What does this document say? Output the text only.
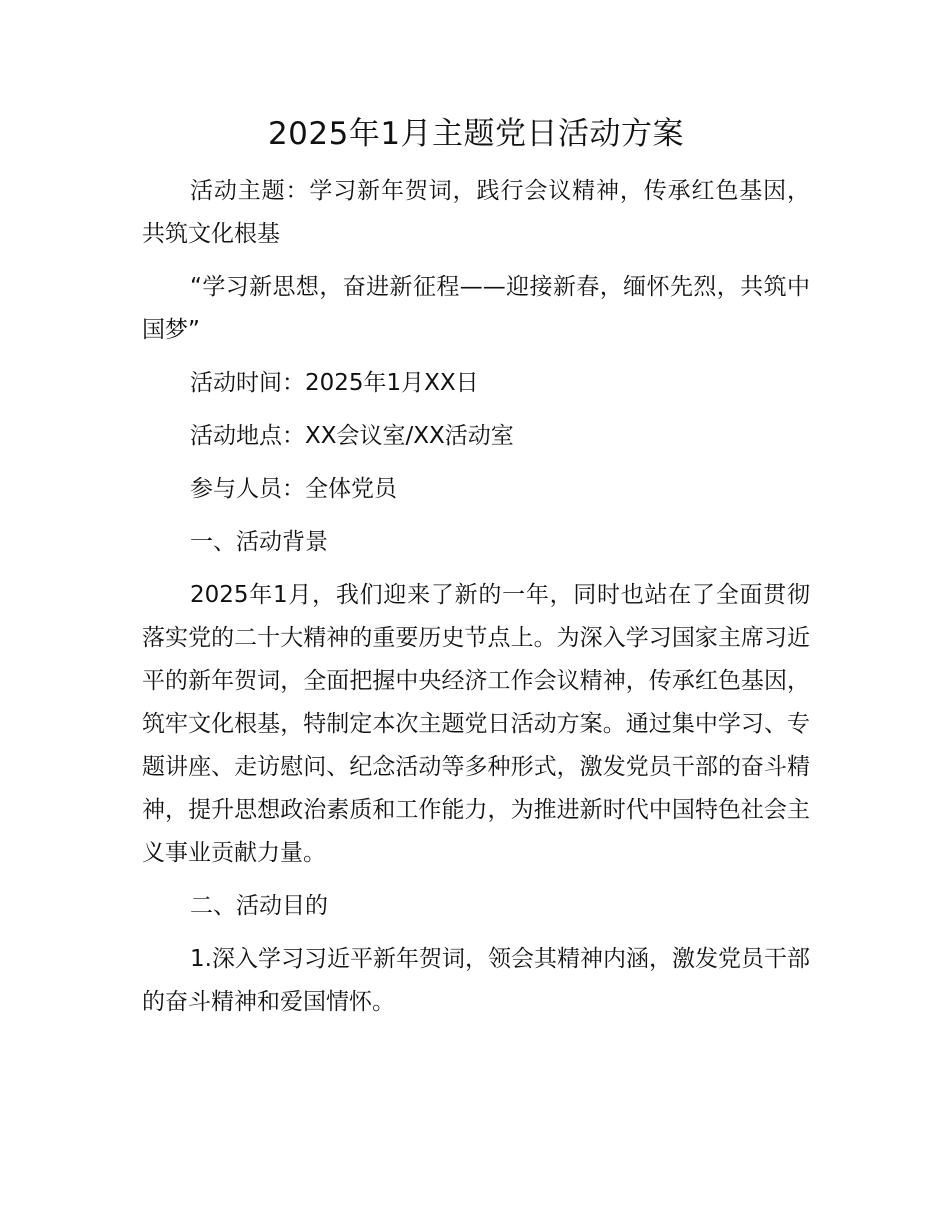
2025年1月主题党日活动方案

活动主题：学习新年贺词，践行会议精神，传承红色基因，共筑文化根基

“学习新思想，奋进新征程——迎接新春，缅怀先烈，共筑中国梦”

活动时间：2025年1月XX日

活动地点：XX会议室/XX活动室

参与人员：全体党员

一、活动背景

2025年1月，我们迎来了新的一年，同时也站在了全面贯彻落实党的二十大精神的重要历史节点上。为深入学习国家主席习近平的新年贺词，全面把握中央经济工作会议精神，传承红色基因，筑牢文化根基，特制定本次主题党日活动方案。通过集中学习、专题讲座、走访慰问、纪念活动等多种形式，激发党员干部的奋斗精神，提升思想政治素质和工作能力，为推进新时代中国特色社会主义事业贡献力量。

二、活动目的

1.深入学习习近平新年贺词，领会其精神内涵，激发党员干部的奋斗精神和爱国情怀。
